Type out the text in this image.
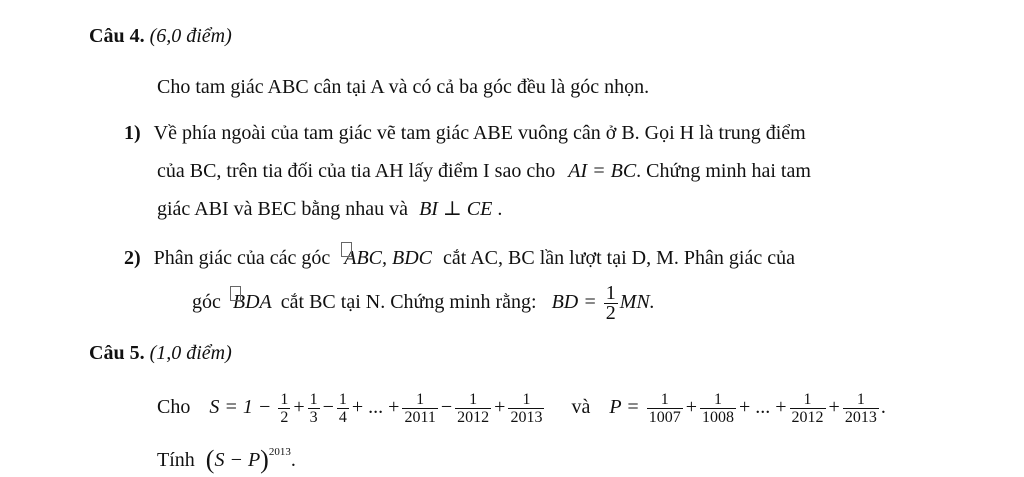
Câu 4. (6,0 điểm)
Cho tam giác ABC cân tại A và có cả ba góc đều là góc nhọn.
1) Về phía ngoài của tam giác vẽ tam giác ABE vuông cân ở B. Gọi H là trung điểm
của BC, trên tia đối của tia AH lấy điểm I sao cho AI = BC. Chứng minh hai tam
giác ABI và BEC bằng nhau và BI ⊥ CE .
2) Phân giác của các góc ABC, BDC cắt AC, BC lần lượt tại D, M. Phân giác của
góc BDA cắt BC tại N. Chứng minh rằng: BD = $\frac{1}{2}$ MN.
Câu 5. (1,0 điểm)
Cho $S = 1 - \frac{1}{2} + \frac{1}{3} - \frac{1}{4}$ + ... + $\frac{1}{2011} - \frac{1}{2012} + \frac{1}{2013}$ và $P = \frac{1}{1007} + \frac{1}{1008}$ + ... + $\frac{1}{2012} + \frac{1}{2013}$ .
Tính $(S - P)^{2013}$.
